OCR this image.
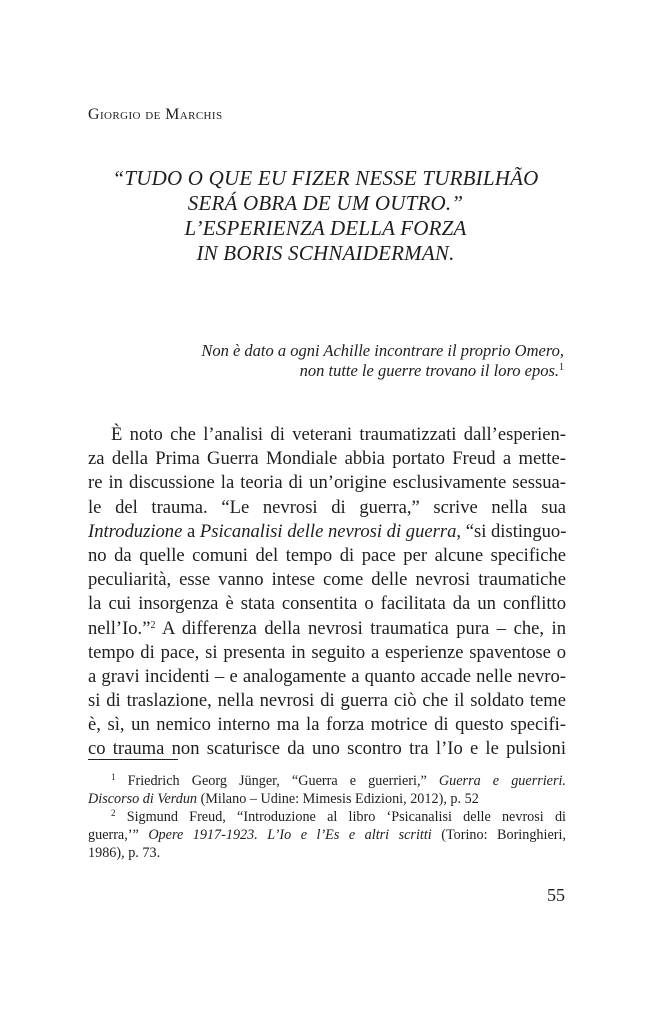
Giorgio de Marchis
“TUDO O QUE EU FIZER NESSE TURBILHÃO
SERÁ OBRA DE UM OUTRO.”
L’ESPERIENZA DELLA FORZA
IN BORIS SCHNAIDERMAN.
Non è dato a ogni Achille incontrare il proprio Omero,
non tutte le guerre trovano il loro epos.$^1$
È noto che l’analisi di veterani traumatizzati dall’esperien-
za della Prima Guerra Mondiale abbia portato Freud a mette-
re in discussione la teoria di un’origine esclusivamente sessua-
le del trauma. “Le nevrosi di guerra,” scrive nella sua
Introduzione a Psicanalisi delle nevrosi di guerra, “si distinguo-
no da quelle comuni del tempo di pace per alcune specifiche
peculiarità, esse vanno intese come delle nevrosi traumatiche
la cui insorgenza è stata consentita o facilitata da un conflitto
nell’Io.”$^2$ A differenza della nevrosi traumatica pura – che, in
tempo di pace, si presenta in seguito a esperienze spaventose o
a gravi incidenti – e analogamente a quanto accade nelle nevro-
si di traslazione, nella nevrosi di guerra ciò che il soldato teme
è, sì, un nemico interno ma la forza motrice di questo specifi-
co trauma non scaturisce da uno scontro tra l’Io e le pulsioni
$^1$ Friedrich Georg Jünger, “Guerra e guerrieri,” Guerra e guerrieri.
Discorso di Verdun (Milano – Udine: Mimesis Edizioni, 2012), p. 52
$^2$ Sigmund Freud, “Introduzione al libro ‘Psicanalisi delle nevrosi di
guerra,’” Opere 1917-1923. L’Io e l’Es e altri scritti (Torino: Boringhieri,
1986), p. 73.
55
